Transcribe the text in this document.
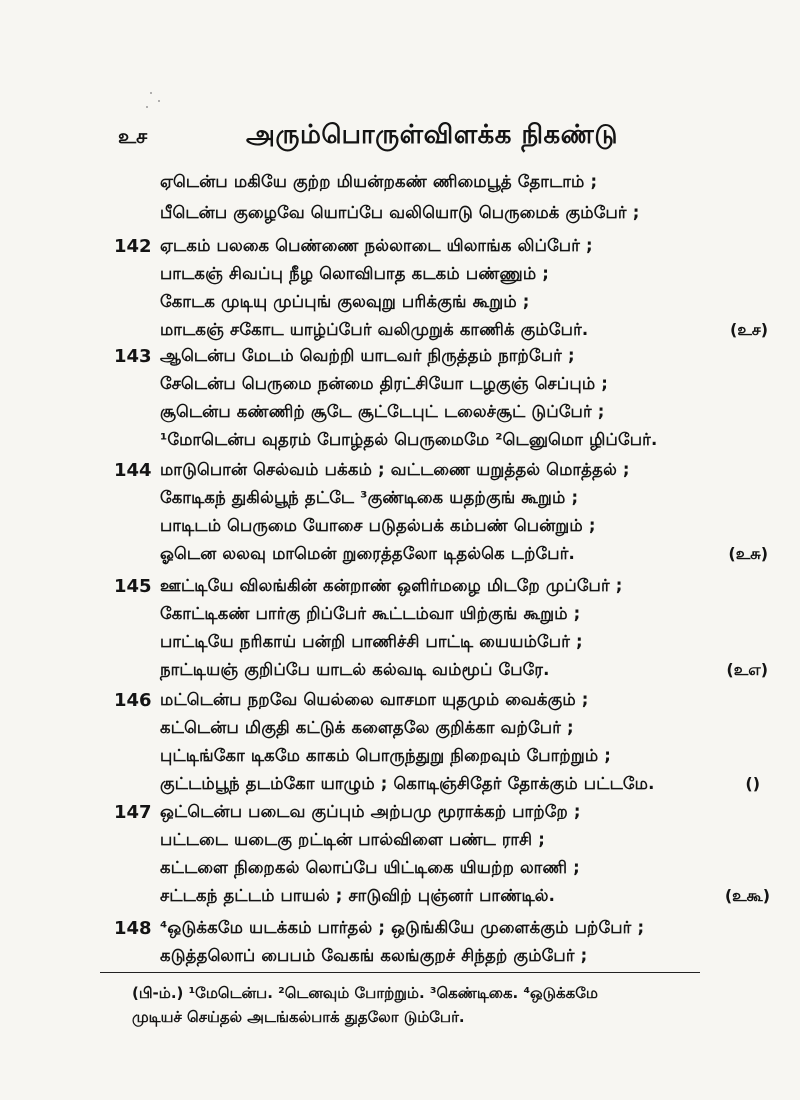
உச	அரும்பொருள்விளக்க நிகண்டு
ஏடென்ப மகியே குற்ற மியன்றகண் ணிமைபூத் தோடாம் ;
பீடென்ப குழைவே யொப்பே வலியொடு பெருமைக் கும்பேர் ;
142 ஏடகம் பலகை பெண்ணை நல்லாடை யிலாங்க லிப்பேர் ;
பாடகஞ் சிவப்பு நீழ லொவிபாத கடகம் பண்ணும் ;
கோடக முடியு முப்புங் குலவுறு பரிக்குங் கூறும் ;
மாடகஞ் சகோட யாழ்ப்பேர் வலிமுறுக் காணிக் கும்பேர்.	(உச)
143 ஆடென்ப மேடம் வெற்றி யாடவர் நிருத்தம் நாற்பேர் ;
சேடென்ப பெருமை நன்மை திரட்சியோ டழகுஞ் செப்பும் ;
சூடென்ப கண்ணிற் சூடே சூட்டேபுட் டலைச்சூட் டுப்பேர் ;
¹மோடென்ப வுதரம் போழ்தல் பெருமைமே ²டெனுமொ ழிப்பேர்.
144 மாடுபொன் செல்வம் பக்கம் ; வட்டணை யறுத்தல் மொத்தல் ;
கோடிகந் துகில்பூந் தட்டே ³குண்டிகை யதற்குங் கூறும் ;
பாடிடம் பெருமை யோசை படுதல்பக் கம்பண் பென்றும் ;
ஓடென லலவு மாமென் றுரைத்தலோ டிதல்கெ டற்பேர்.	(உசு)
145 ஊட்டியே விலங்கின் கன்றாண் ஒளிர்மழை மிடறே முப்பேர் ;
கோட்டிகண் பார்கு றிப்பேர் கூட்டம்வா யிற்குங் கூறும் ;
பாட்டியே நரிகாய் பன்றி பாணிச்சி பாட்டி யையம்பேர் ;
நாட்டியஞ் குறிப்பே யாடல் கல்வடி வம்மூப் பேரே.	(உஎ)
146 மட்டென்ப நறவே யெல்லை வாசமா யுதமும் வைக்கும் ;
கட்டென்ப மிகுதி கட்டுக் களைதலே குறிக்கா வற்பேர் ;
புட்டிங்கோ டிகமே காகம் பொருந்துறு நிறைவும் போற்றும் ;
குட்டம்பூந் தடம்கோ யாழும் ; கொடிஞ்சிதேர் தோக்கும் பட்டமே.	()
147 ஒட்டென்ப படைவ குப்பும் அற்பமு மூராக்கற் பாற்றே ;
பட்டடை யடைகு றட்டின் பால்விளை பண்ட ராசி ;
கட்டளை நிறைகல் லொப்பே யிட்டிகை யியற்ற லாணி ;
சட்டகந் தட்டம் பாயல் ; சாடுவிற் புஞ்னர் பாண்டில்.	(உகூ)
148 ⁴ஒடுக்கமே யடக்கம் பார்தல் ; ஒடுங்கியே முளைக்கும் பற்பேர் ;
கடுத்தலொப் பைபம் வேகங் கலங்குறச் சிந்தற் கும்பேர் ;
(பி-ம்.) ¹மேடென்ப. ²டெனவும் போற்றும். ³கெண்டிகை. ⁴ஒடுக்கமே
முடியச் செய்தல் அடங்கல்பாக் துதலோ டும்பேர்.
